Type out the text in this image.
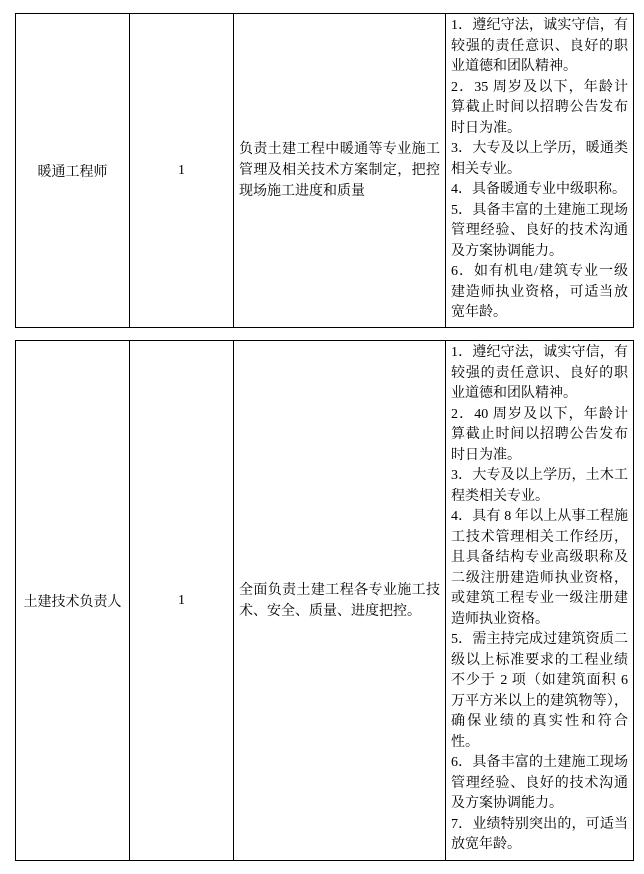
暖通工程师	1	负责土建工程中暖通等专业施工管理及相关技术方案制定，把控现场施工进度和质量	
1．遵纪守法，诚实守信，有较强的责任意识、良好的职业道德和团队精神。
2．35 周岁及以下，年龄计算截止时间以招聘公告发布时日为准。
3．大专及以上学历，暖通类相关专业。
4．具备暖通专业中级职称。
5．具备丰富的土建施工现场管理经验、良好的技术沟通及方案协调能力。
6．如有机电/建筑专业一级建造师执业资格，可适当放宽年龄。
土建技术负责人	1	全面负责土建工程各专业施工技术、安全、质量、进度把控。	
1．遵纪守法，诚实守信，有较强的责任意识、良好的职业道德和团队精神。
2．40 周岁及以下，年龄计算截止时间以招聘公告发布时日为准。
3．大专及以上学历，土木工程类相关专业。
4．具有 8 年以上从事工程施工技术管理相关工作经历，且具备结构专业高级职称及二级注册建造师执业资格，或建筑工程专业一级注册建造师执业资格。
5．需主持完成过建筑资质二级以上标准要求的工程业绩不少于 2 项（如建筑面积 6 万平方米以上的建筑物等），确保业绩的真实性和符合性。
6．具备丰富的土建施工现场管理经验、良好的技术沟通及方案协调能力。
7．业绩特别突出的，可适当放宽年龄。
